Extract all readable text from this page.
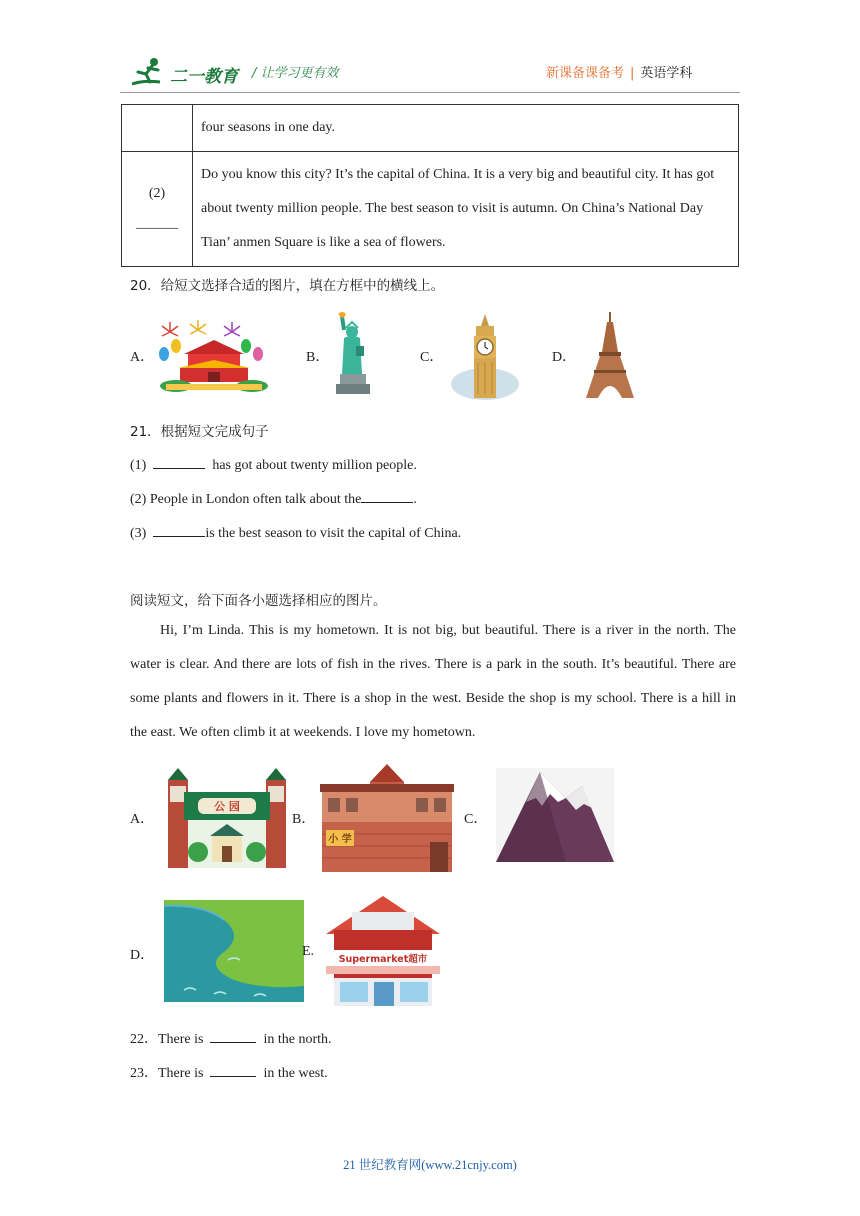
二一教育 / 让学习更有效	新课备课备考 | 英语学科
	four seasons in one day.

(2)
______	Do you know this city? It’s the capital of China. It is a very big and beautiful city. It has got about twenty million people. The best season to visit is autumn. On China’s National Day Tian’ anmen Square is like a sea of flowers.
20．给短文选择合适的图片，填在方框中的横线上。
A．	B．	C．	D．
21．根据短文完成句子
(1)	has got about twenty million people.
(2) People in London often talk about the	.
(3)	is the best season to visit the capital of China.
阅读短文，给下面各小题选择相应的图片。
Hi, I’m Linda. This is my hometown. It is not big, but beautiful. There is a river in the north. The water is clear. And there are lots of fish in the rives. There is a park in the south. It’s beautiful. There are some plants and flowers in it. There is a shop in the west. Beside the shop is my school. There is a hill in the east. We often climb it at weekends. I love my hometown.
A．
公 园
B．
小 学
C．
D．	E.
Supermarket超市
22．There is	in the north.
23．There is	in the west.
21 世纪教育网(www.21cnjy.com)
